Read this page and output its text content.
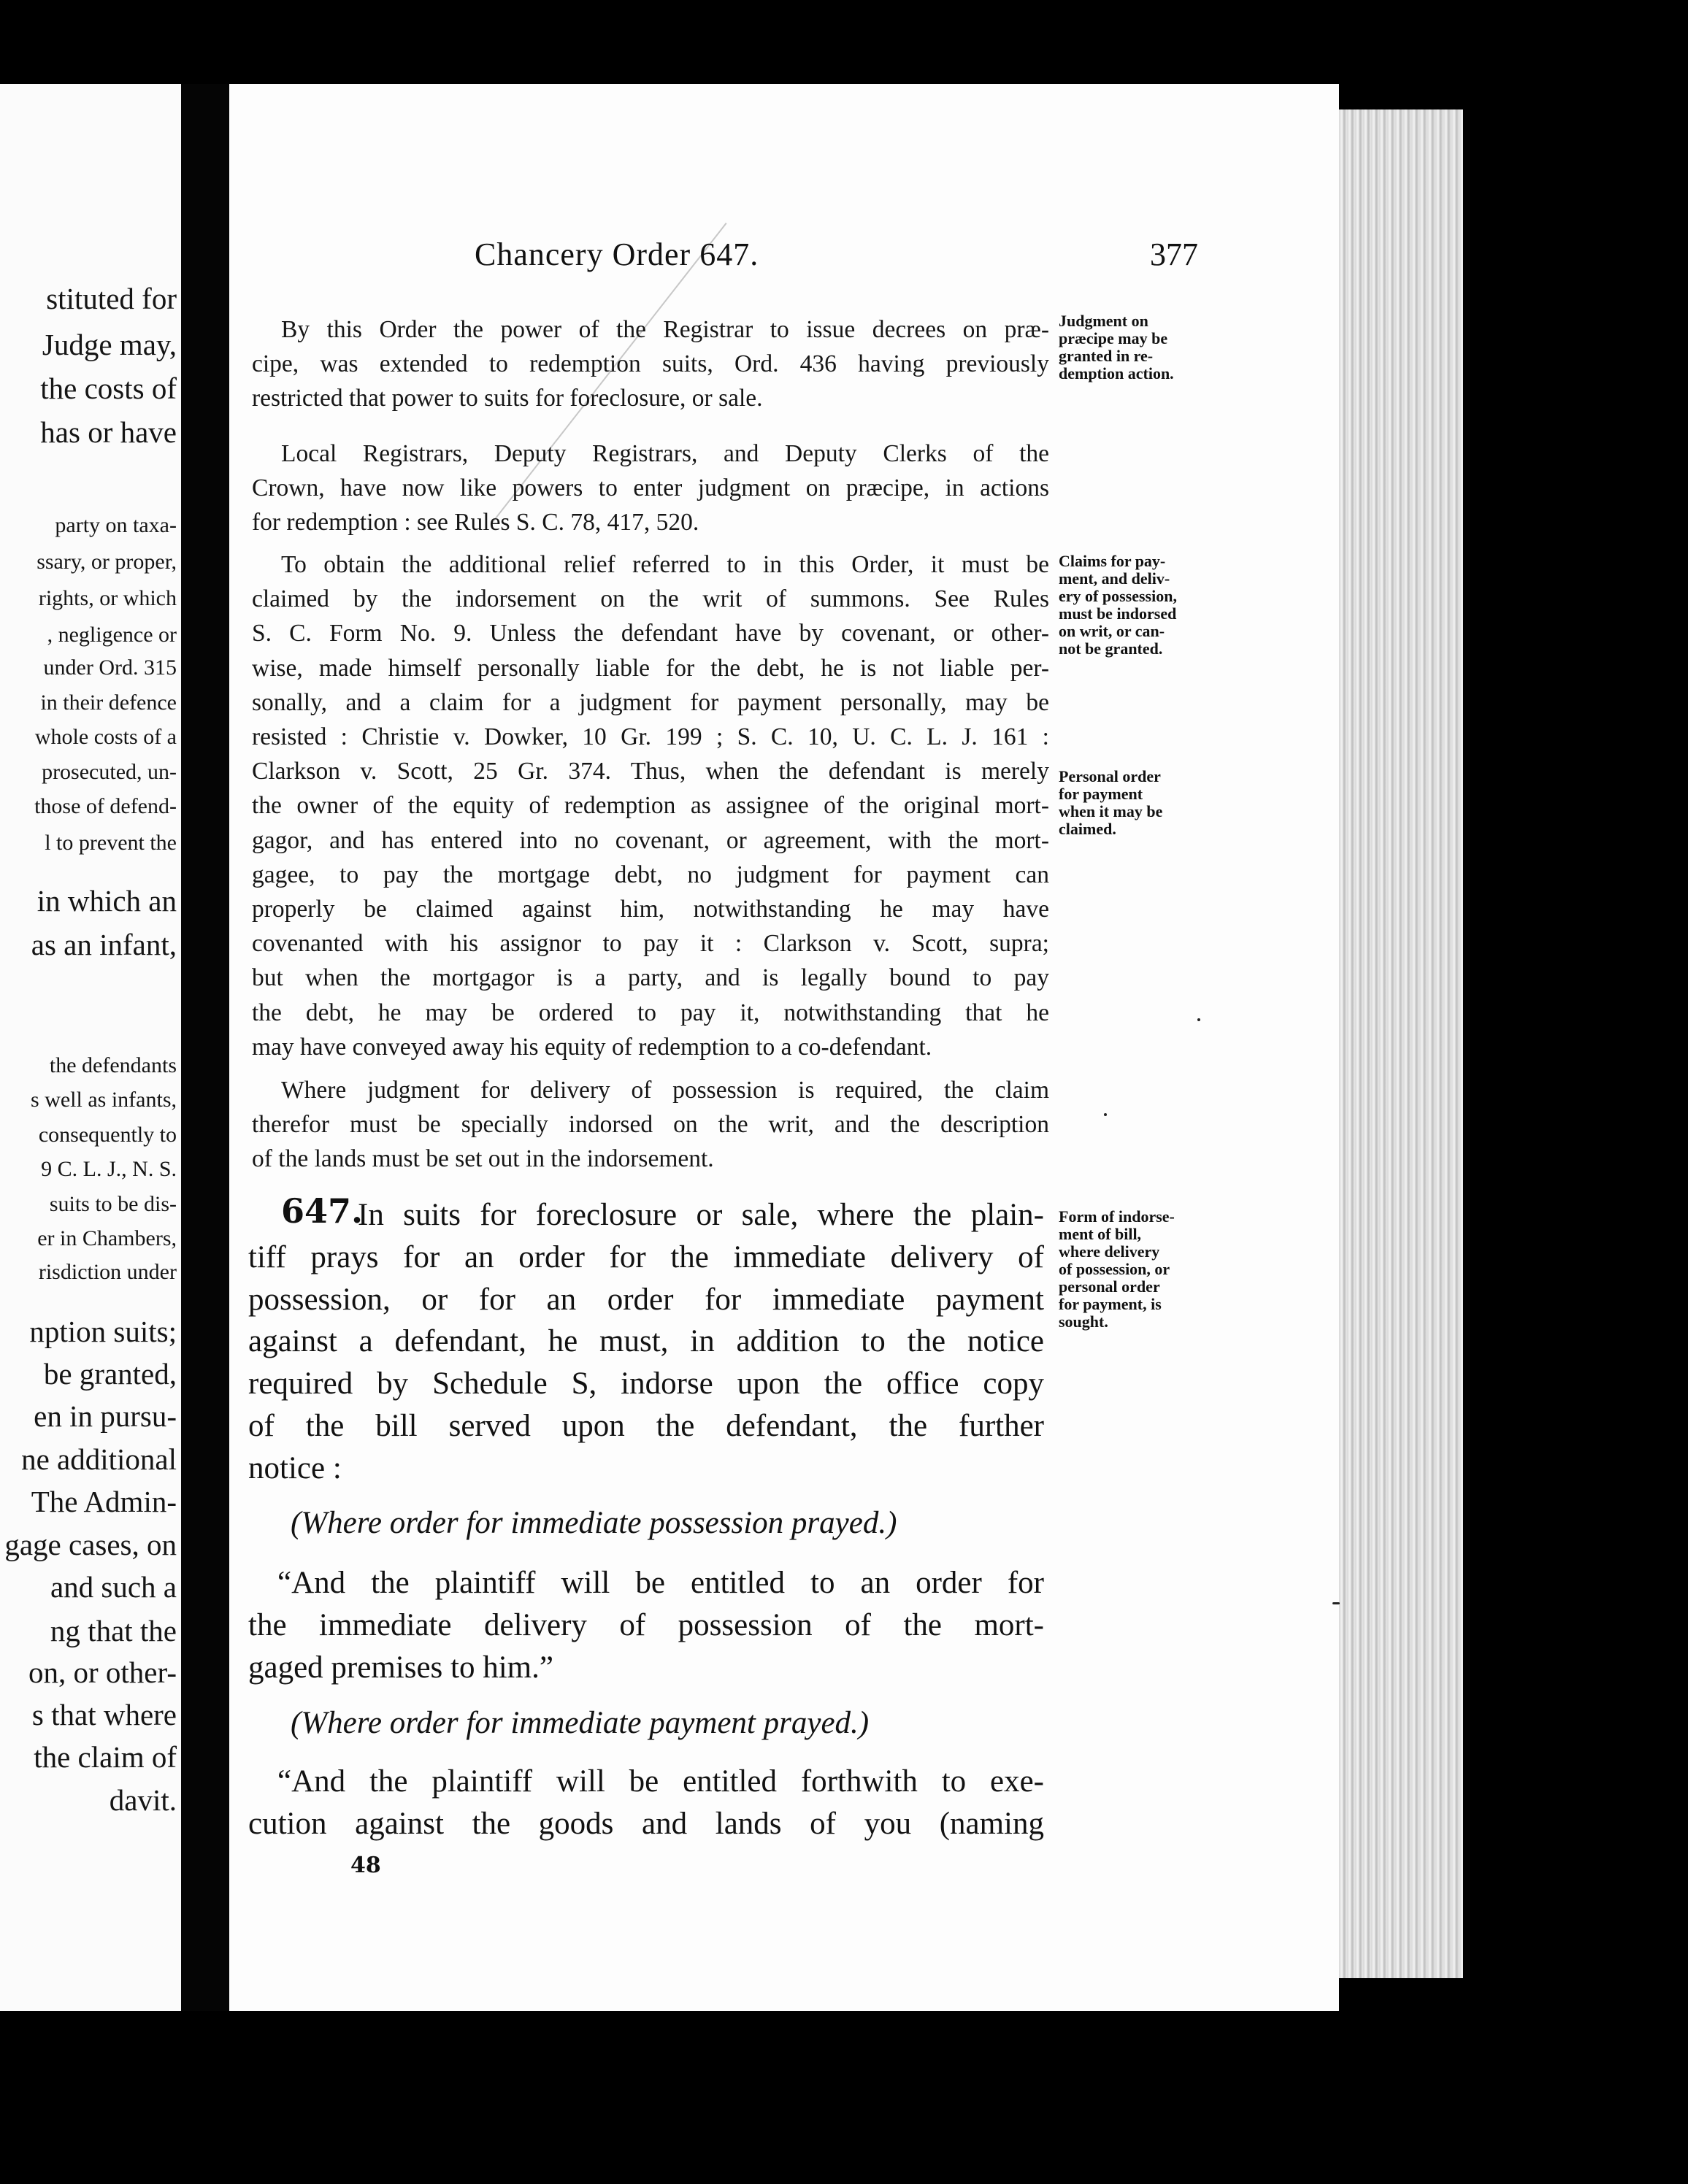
stituted for
Judge may,
the costs of
has or have
party on taxa-
ssary, or proper,
rights, or which
, negligence or
under Ord. 315
in their defence
whole costs of a
prosecuted, un-
those of defend-
l to prevent the
in which an
as an infant,
the defendants
s well as infants,
consequently to
9 C. L. J., N. S.
suits to be dis-
er in Chambers,
risdiction under
nption suits;
be granted,
en in pursu-
ne additional
The Admin-
gage cases, on
and such a
ng that the
on, or other-
s that where
the claim of
davit.
Chancery Order 647.	377
By this Order the power of the Registrar to issue decrees on præ-
cipe, was extended to redemption suits, Ord. 436 having previously
restricted that power to suits for foreclosure, or sale.
Local Registrars, Deputy Registrars, and Deputy Clerks of the
Crown, have now like powers to enter judgment on præcipe, in actions
for redemption : see Rules S. C. 78, 417, 520.
To obtain the additional relief referred to in this Order, it must be
claimed by the indorsement on the writ of summons. See Rules
S. C. Form No. 9. Unless the defendant have by covenant, or other-
wise, made himself personally liable for the debt, he is not liable per-
sonally, and a claim for a judgment for payment personally, may be
resisted : Christie v. Dowker, 10 Gr. 199 ; S. C. 10, U. C. L. J. 161 :
Clarkson v. Scott, 25 Gr. 374. Thus, when the defendant is merely
the owner of the equity of redemption as assignee of the original mort-
gagor, and has entered into no covenant, or agreement, with the mort-
gagee, to pay the mortgage debt, no judgment for payment can
properly be claimed against him, notwithstanding he may have
covenanted with his assignor to pay it : Clarkson v. Scott, supra;
but when the mortgagor is a party, and is legally bound to pay
the debt, he may be ordered to pay it, notwithstanding that he
may have conveyed away his equity of redemption to a co-defendant.
Where judgment for delivery of possession is required, the claim
therefor must be specially indorsed on the writ, and the description
of the lands must be set out in the indorsement.
647.
In suits for foreclosure or sale, where the plain-
tiff prays for an order for the immediate delivery of
possession, or for an order for immediate payment
against a defendant, he must, in addition to the notice
required by Schedule S, indorse upon the office copy
of the bill served upon the defendant, the further
notice :
(Where order for immediate possession prayed.)
“And the plaintiff will be entitled to an order for
the immediate delivery of possession of the mort-
gaged premises to him.”
(Where order for immediate payment prayed.)
“And the plaintiff will be entitled forthwith to exe-
cution against the goods and lands of you (naming
Judgment on
præcipe may be
granted in re-
demption action.
Claims for pay-
ment, and deliv-
ery of possession,
must be indorsed
on writ, or can-
not be granted.
Personal order
for payment
when it may be
claimed.
Form of indorse-
ment of bill,
where delivery
of possession, or
personal order
for payment, is
sought.
48
